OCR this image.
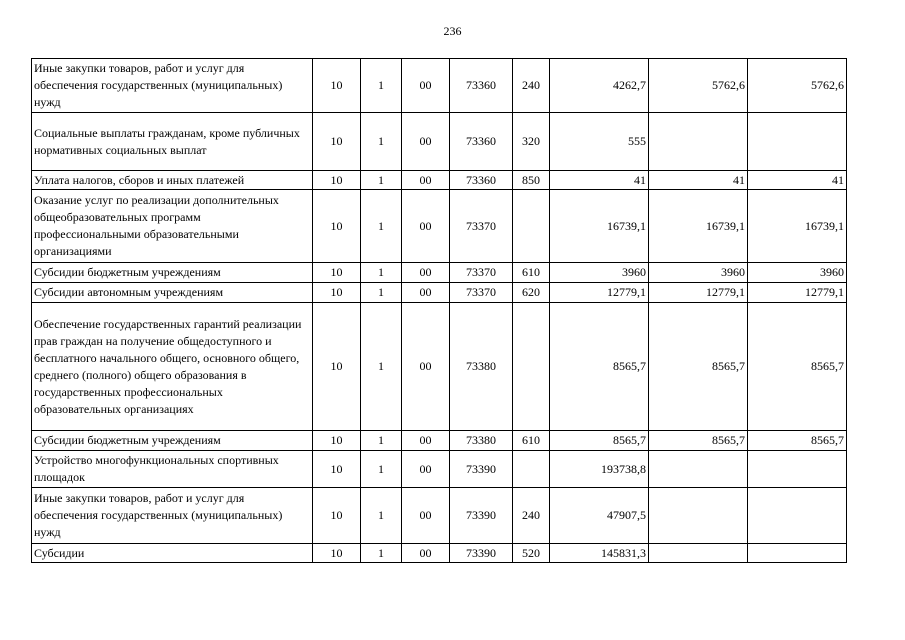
236
Иные закупки товаров, работ и услуг для обеспечения государственных (муниципальных) нужд	10	1	00	73360	240	4262,7	5762,6	5762,6
Социальные выплаты гражданам, кроме публичных нормативных социальных выплат	10	1	00	73360	320	555		
Уплата налогов, сборов и иных платежей	10	1	00	73360	850	41	41	41
Оказание услуг по реализации дополнительных общеобразовательных программ профессиональными образовательными организациями	10	1	00	73370		16739,1	16739,1	16739,1
Субсидии бюджетным учреждениям	10	1	00	73370	610	3960	3960	3960
Субсидии автономным учреждениям	10	1	00	73370	620	12779,1	12779,1	12779,1
Обеспечение государственных гарантий реализации прав граждан на получение общедоступного и бесплатного начального общего, основного общего, среднего (полного) общего образования в государственных профессиональных образовательных организациях	10	1	00	73380		8565,7	8565,7	8565,7
Субсидии бюджетным учреждениям	10	1	00	73380	610	8565,7	8565,7	8565,7
Устройство многофункциональных спортивных площадок	10	1	00	73390		193738,8		
Иные закупки товаров, работ и услуг для обеспечения государственных (муниципальных) нужд	10	1	00	73390	240	47907,5		
Субсидии	10	1	00	73390	520	145831,3		
